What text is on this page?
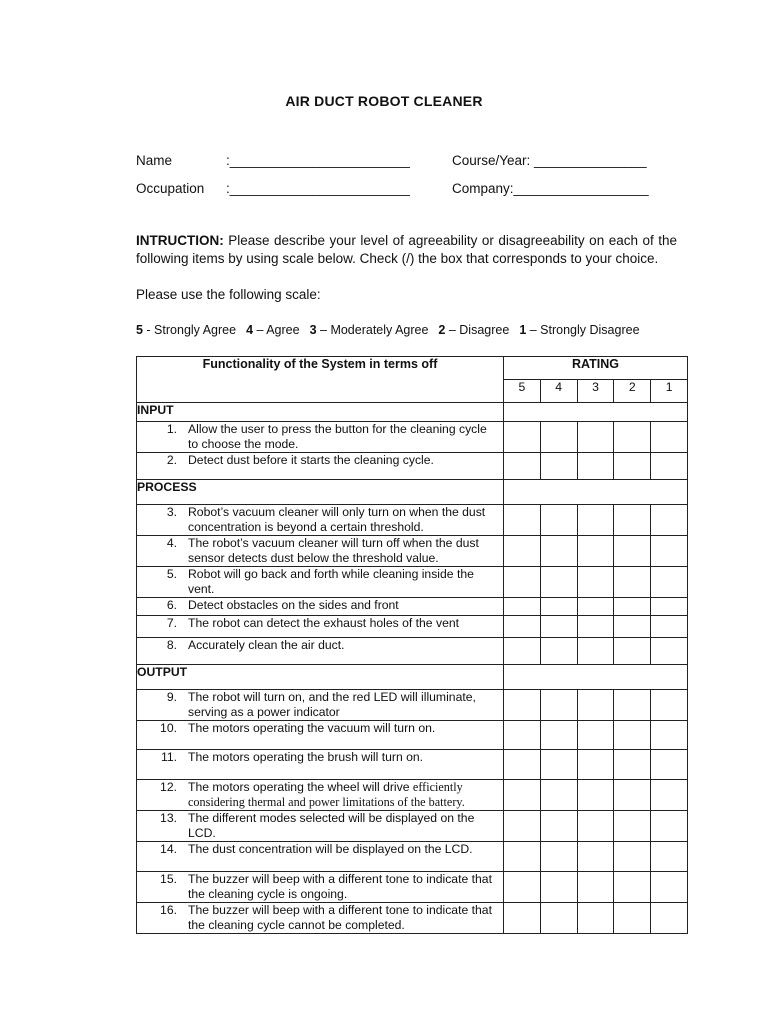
AIR DUCT ROBOT CLEANER
Name	:________________________	Course/Year: _______________
Occupation :________________________	Company:__________________
INTRUCTION: Please describe your level of agreeability or disagreeability on each of the following items by using scale below. Check (/) the box that corresponds to your choice.
Please use the following scale:
5 - Strongly Agree 4 – Agree 3 – Moderately Agree 2 – Disagree 1 – Strongly Disagree
Functionality of the System in terms off	RATING				
	5	4	3	2	1
INPUT					

1. Allow the user to press the button for the cleaning cycle to choose the mode.					

2. Detect dust before it starts the cleaning cycle.					

PROCESS					

3. Robot’s vacuum cleaner will only turn on when the dust concentration is beyond a certain threshold.					

4. The robot’s vacuum cleaner will turn off when the dust sensor detects dust below the threshold value.					

5. Robot will go back and forth while cleaning inside the vent.					

6. Detect obstacles on the sides and front					

7. The robot can detect the exhaust holes of the vent					

8. Accurately clean the air duct.					

OUTPUT					

9. The robot will turn on, and the red LED will illuminate, serving as a power indicator					

10. The motors operating the vacuum will turn on.					

11. The motors operating the brush will turn on.					

12. The motors operating the wheel will drive efficiently considering thermal and power limitations of the battery.					

13. The different modes selected will be displayed on the LCD.					

14. The dust concentration will be displayed on the LCD.					

15. The buzzer will beep with a different tone to indicate that the cleaning cycle is ongoing.					

16. The buzzer will beep with a different tone to indicate that the cleaning cycle cannot be completed.					
